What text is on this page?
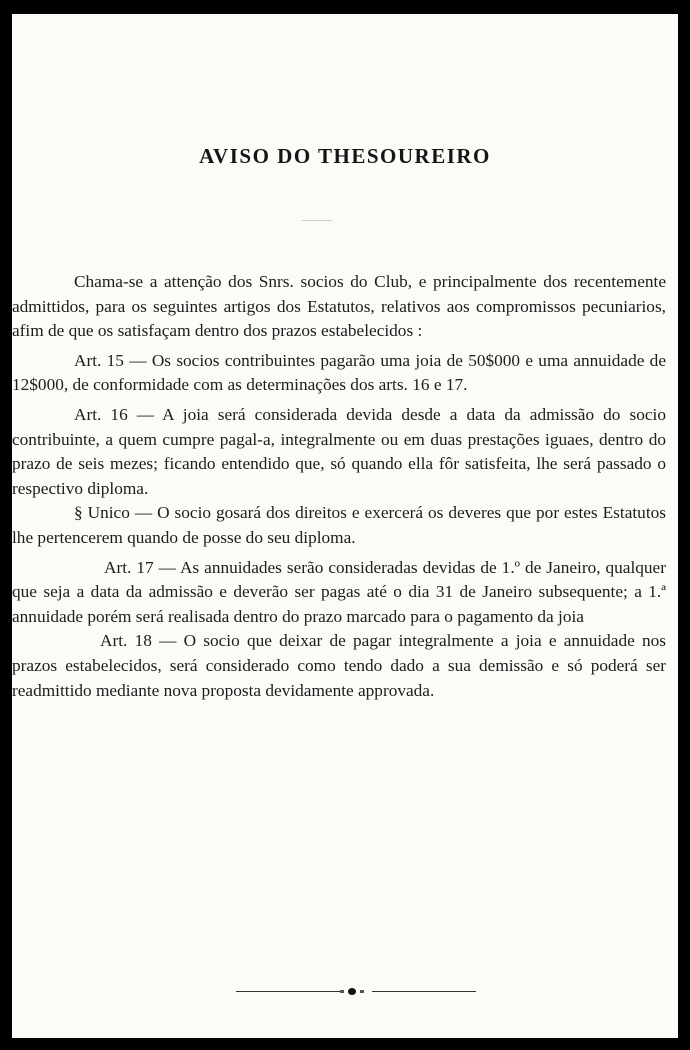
AVISO DO THESOUREIRO

Chama-se a attenção dos Snrs. socios do Club, e principalmente dos recentemente admittidos, para os seguintes artigos dos Estatutos, relativos aos compromissos pecuniarios, afim de que os satisfaçam dentro dos prazos estabelecidos :

Art. 15 — Os socios contribuintes pagarão uma joia de 50$000 e uma annuidade de 12$000, de conformidade com as determinações dos arts. 16 e 17.

Art. 16 — A joia será considerada devida desde a data da admissão do socio contribuinte, a quem cumpre pagal-a, integralmente ou em duas prestações iguaes, dentro do prazo de seis mezes; ficando entendido que, só quando ella fôr satisfeita, lhe será passado o respectivo diploma.

§ Unico — O socio gosará dos direitos e exercerá os deveres que por estes Estatutos lhe pertencerem quando de posse do seu diploma.

Art. 17 — As annuidades serão consideradas devidas de 1.º de Janeiro, qualquer que seja a data da admissão e deverão ser pagas até o dia 31 de Janeiro subsequente; a 1.ª annuidade porém será realisada dentro do prazo marcado para o pagamento da joia

Art. 18 — O socio que deixar de pagar integralmente a joia e annuidade nos prazos estabelecidos, será considerado como tendo dado a sua demissão e só poderá ser readmittido mediante nova proposta devidamente approvada.
